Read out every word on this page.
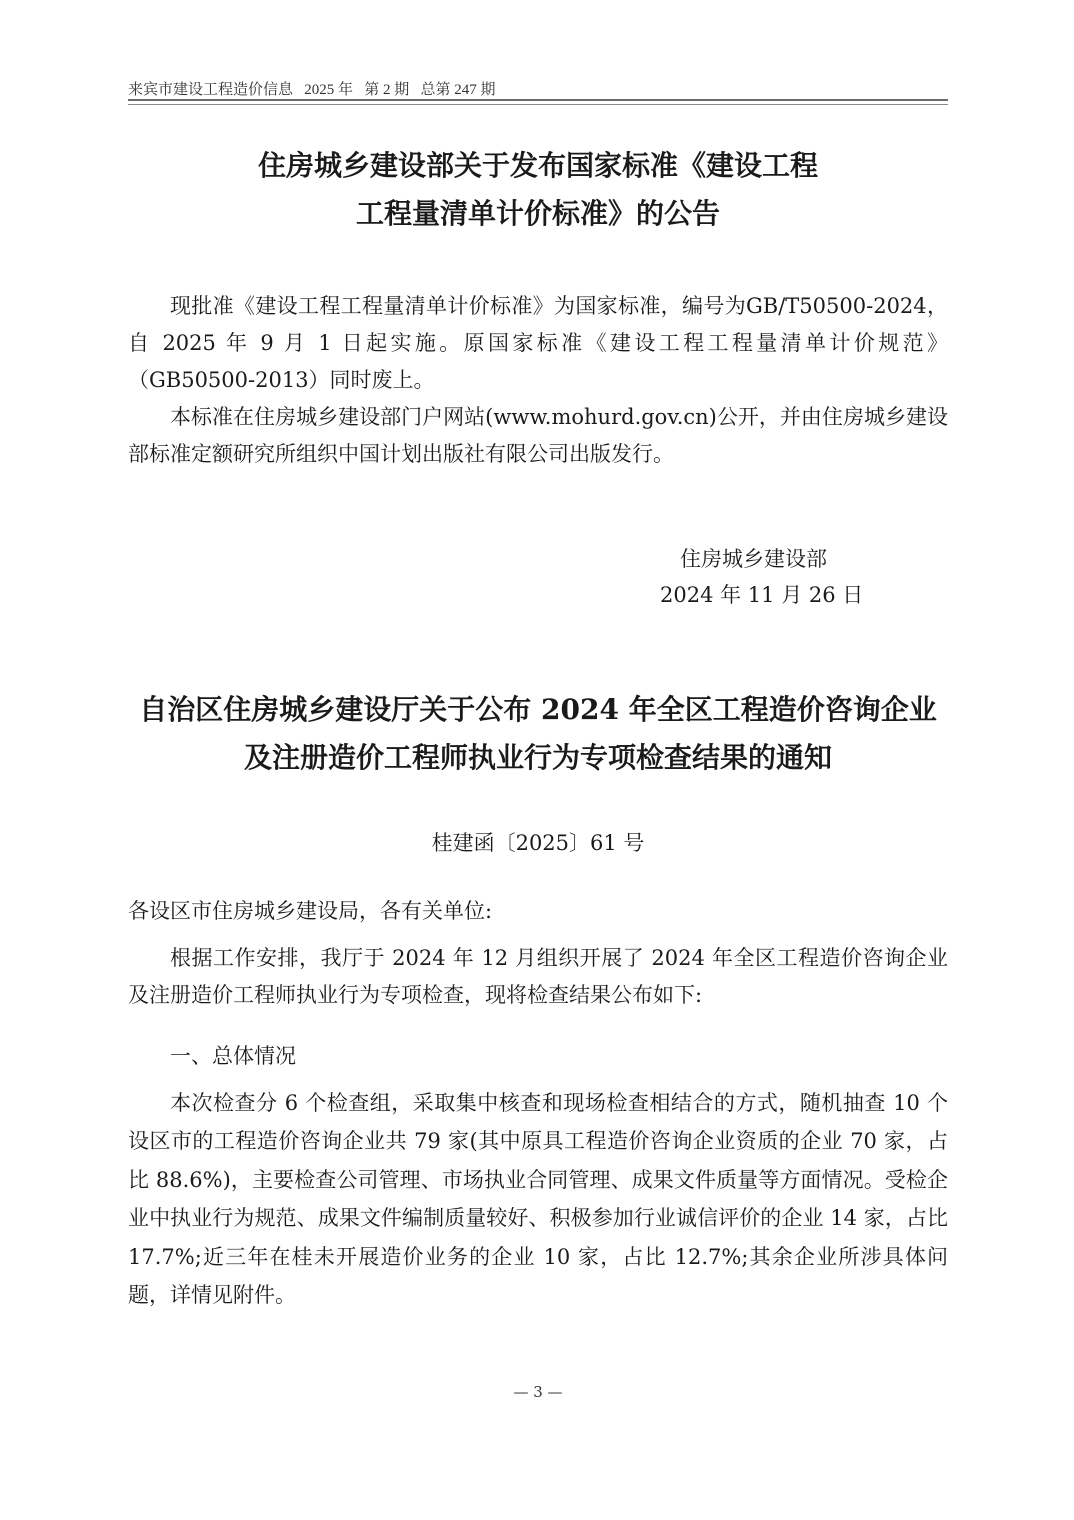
来宾市建设工程造价信息   2025 年   第 2 期   总第 247 期
住房城乡建设部关于发布国家标准《建设工程
工程量清单计价标准》的公告

现批准《建设工程工程量清单计价标准》为国家标准，编号为GB/T50500-2024，自 2025 年 9 月 1 日起实施。原国家标准《建设工程工程量清单计价规范》（GB50500-2013）同时废上。

本标准在住房城乡建设部门户网站(www.mohurd.gov.cn)公开，并由住房城乡建设部标准定额研究所组织中国计划出版社有限公司出版发行。

住房城乡建设部
2024 年 11 月 26 日
自治区住房城乡建设厅关于公布 2024 年全区工程造价咨询企业
及注册造价工程师执业行为专项检查结果的通知
桂建函〔2025〕61 号
各设区市住房城乡建设局，各有关单位:

根据工作安排，我厅于 2024 年 12 月组织开展了 2024 年全区工程造价咨询企业及注册造价工程师执业行为专项检查，现将检查结果公布如下:

一、总体情况

本次检查分 6 个检查组，采取集中核查和现场检查相结合的方式，随机抽查 10 个设区市的工程造价咨询企业共 79 家(其中原具工程造价咨询企业资质的企业 70 家，占比 88.6%)，主要检查公司管理、市场执业合同管理、成果文件质量等方面情况。受检企业中执业行为规范、成果文件编制质量较好、积极参加行业诚信评价的企业 14 家，占比 17.7%;近三年在桂未开展造价业务的企业 10 家，占比 12.7%;其余企业所涉具体问题，详情见附件。

— 3 —
